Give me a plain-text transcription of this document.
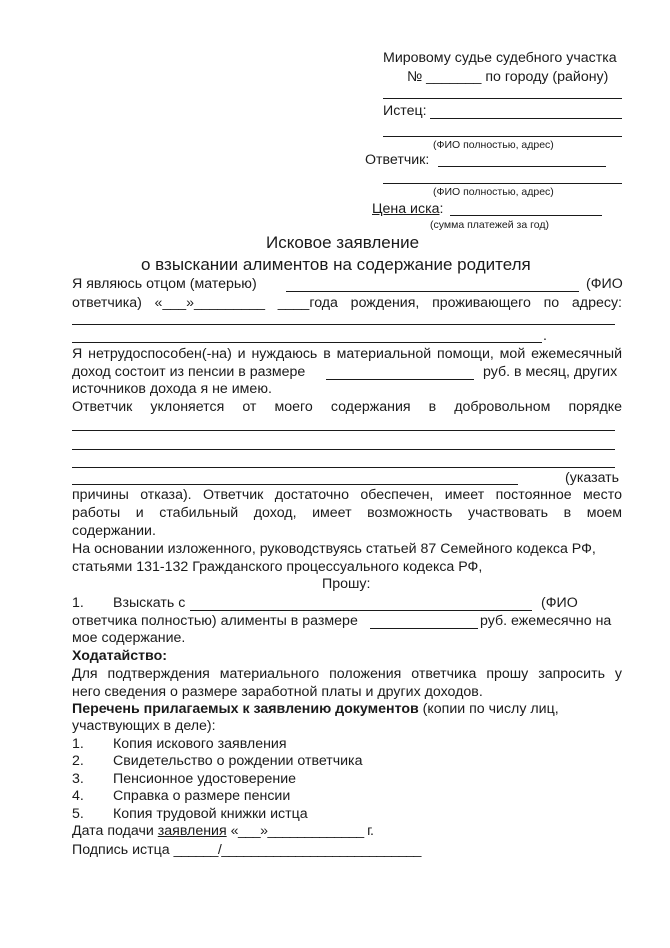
Мировому судье судебного участка
№ _______ по городу (району)
Истец:
(ФИО полностью, адрес)
Ответчик:
(ФИО полностью, адрес)
Цена иска:
(сумма платежей за год)
Исковое заявление
о взыскании алиментов на содержание родителя
Я являюсь отцом (матерью)	(ФИО
ответчика) «___»_________ ____года рождения, проживающего по адресу:
.
Я нетрудоспособен(-на) и нуждаюсь в материальной помощи, мой ежемесячный
доход состоит из пенсии в размере	руб. в месяц, других
источников дохода я не имею.
Ответчик уклоняется от моего содержания в добровольном порядке
(указать
причины отказа). Ответчик достаточно обеспечен, имеет постоянное место
работы и стабильный доход, имеет возможность участвовать в моем
содержании.
На основании изложенного, руководствуясь статьей 87 Семейного кодекса РФ,
статьями 131-132 Гражданского процессуального кодекса РФ,
Прошу:
1. Взыскать с	(ФИО
ответчика полностью) алименты в размере	руб. ежемесячно на
мое содержание.
Ходатайство:
Для подтверждения материального положения ответчика прошу запросить у
него сведения о размере заработной платы и других доходов.
Перечень прилагаемых к заявлению документов (копии по числу лиц,
участвующих в деле):
1. Копия искового заявления
2. Свидетельство о рождении ответчика
3. Пенсионное удостоверение
4. Справка о размере пенсии
5. Копия трудовой книжки истца
Дата подачи заявления «___»_____________ г.
Подпись истца ______/___________________________
